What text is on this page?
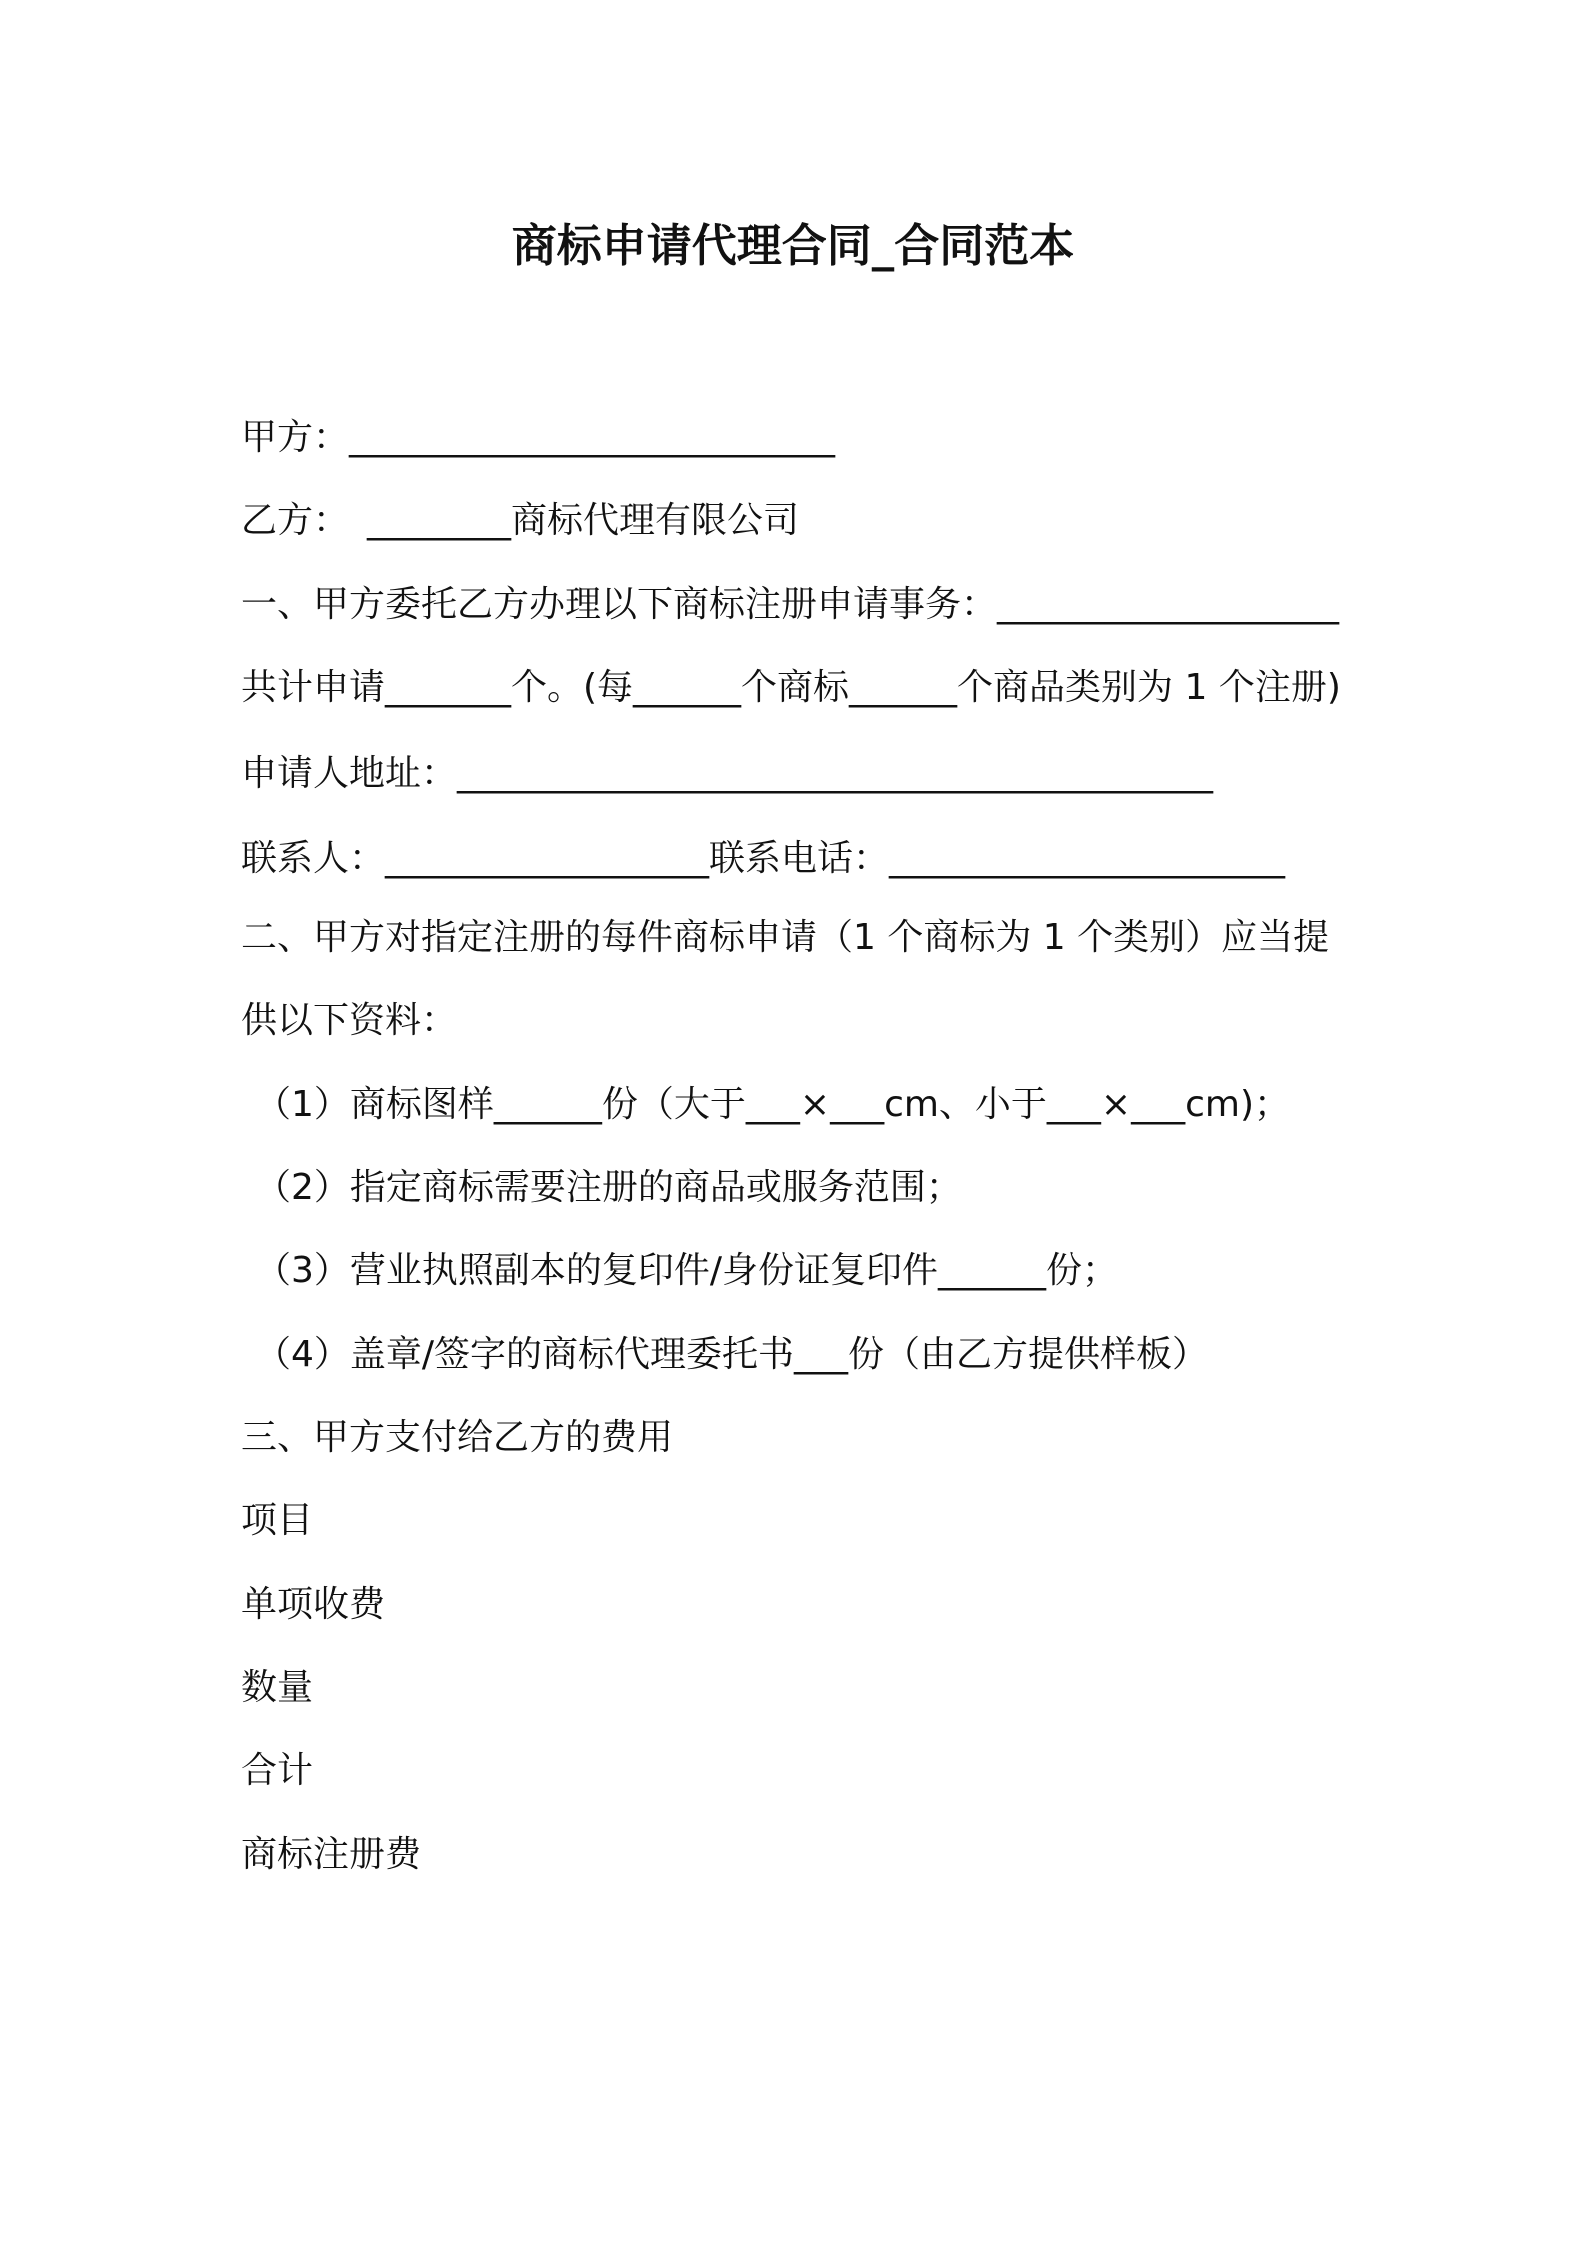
商标申请代理合同_合同范本
甲方：___________________________
乙方：　________商标代理有限公司
一、甲方委托乙方办理以下商标注册申请事务：___________________
共计申请_______个。(每______个商标______个商品类别为 1 个注册)
申请人地址：__________________________________________
联系人：__________________联系电话：______________________
二、甲方对指定注册的每件商标申请（1 个商标为 1 个类别）应当提
供以下资料：
（1）商标图样______份（大于___×___cm、小于___×___cm)；
（2）指定商标需要注册的商品或服务范围；
（3）营业执照副本的复印件/身份证复印件______份；
（4）盖章/签字的商标代理委托书___份（由乙方提供样板）
三、甲方支付给乙方的费用
项目
单项收费
数量
合计
商标注册费
